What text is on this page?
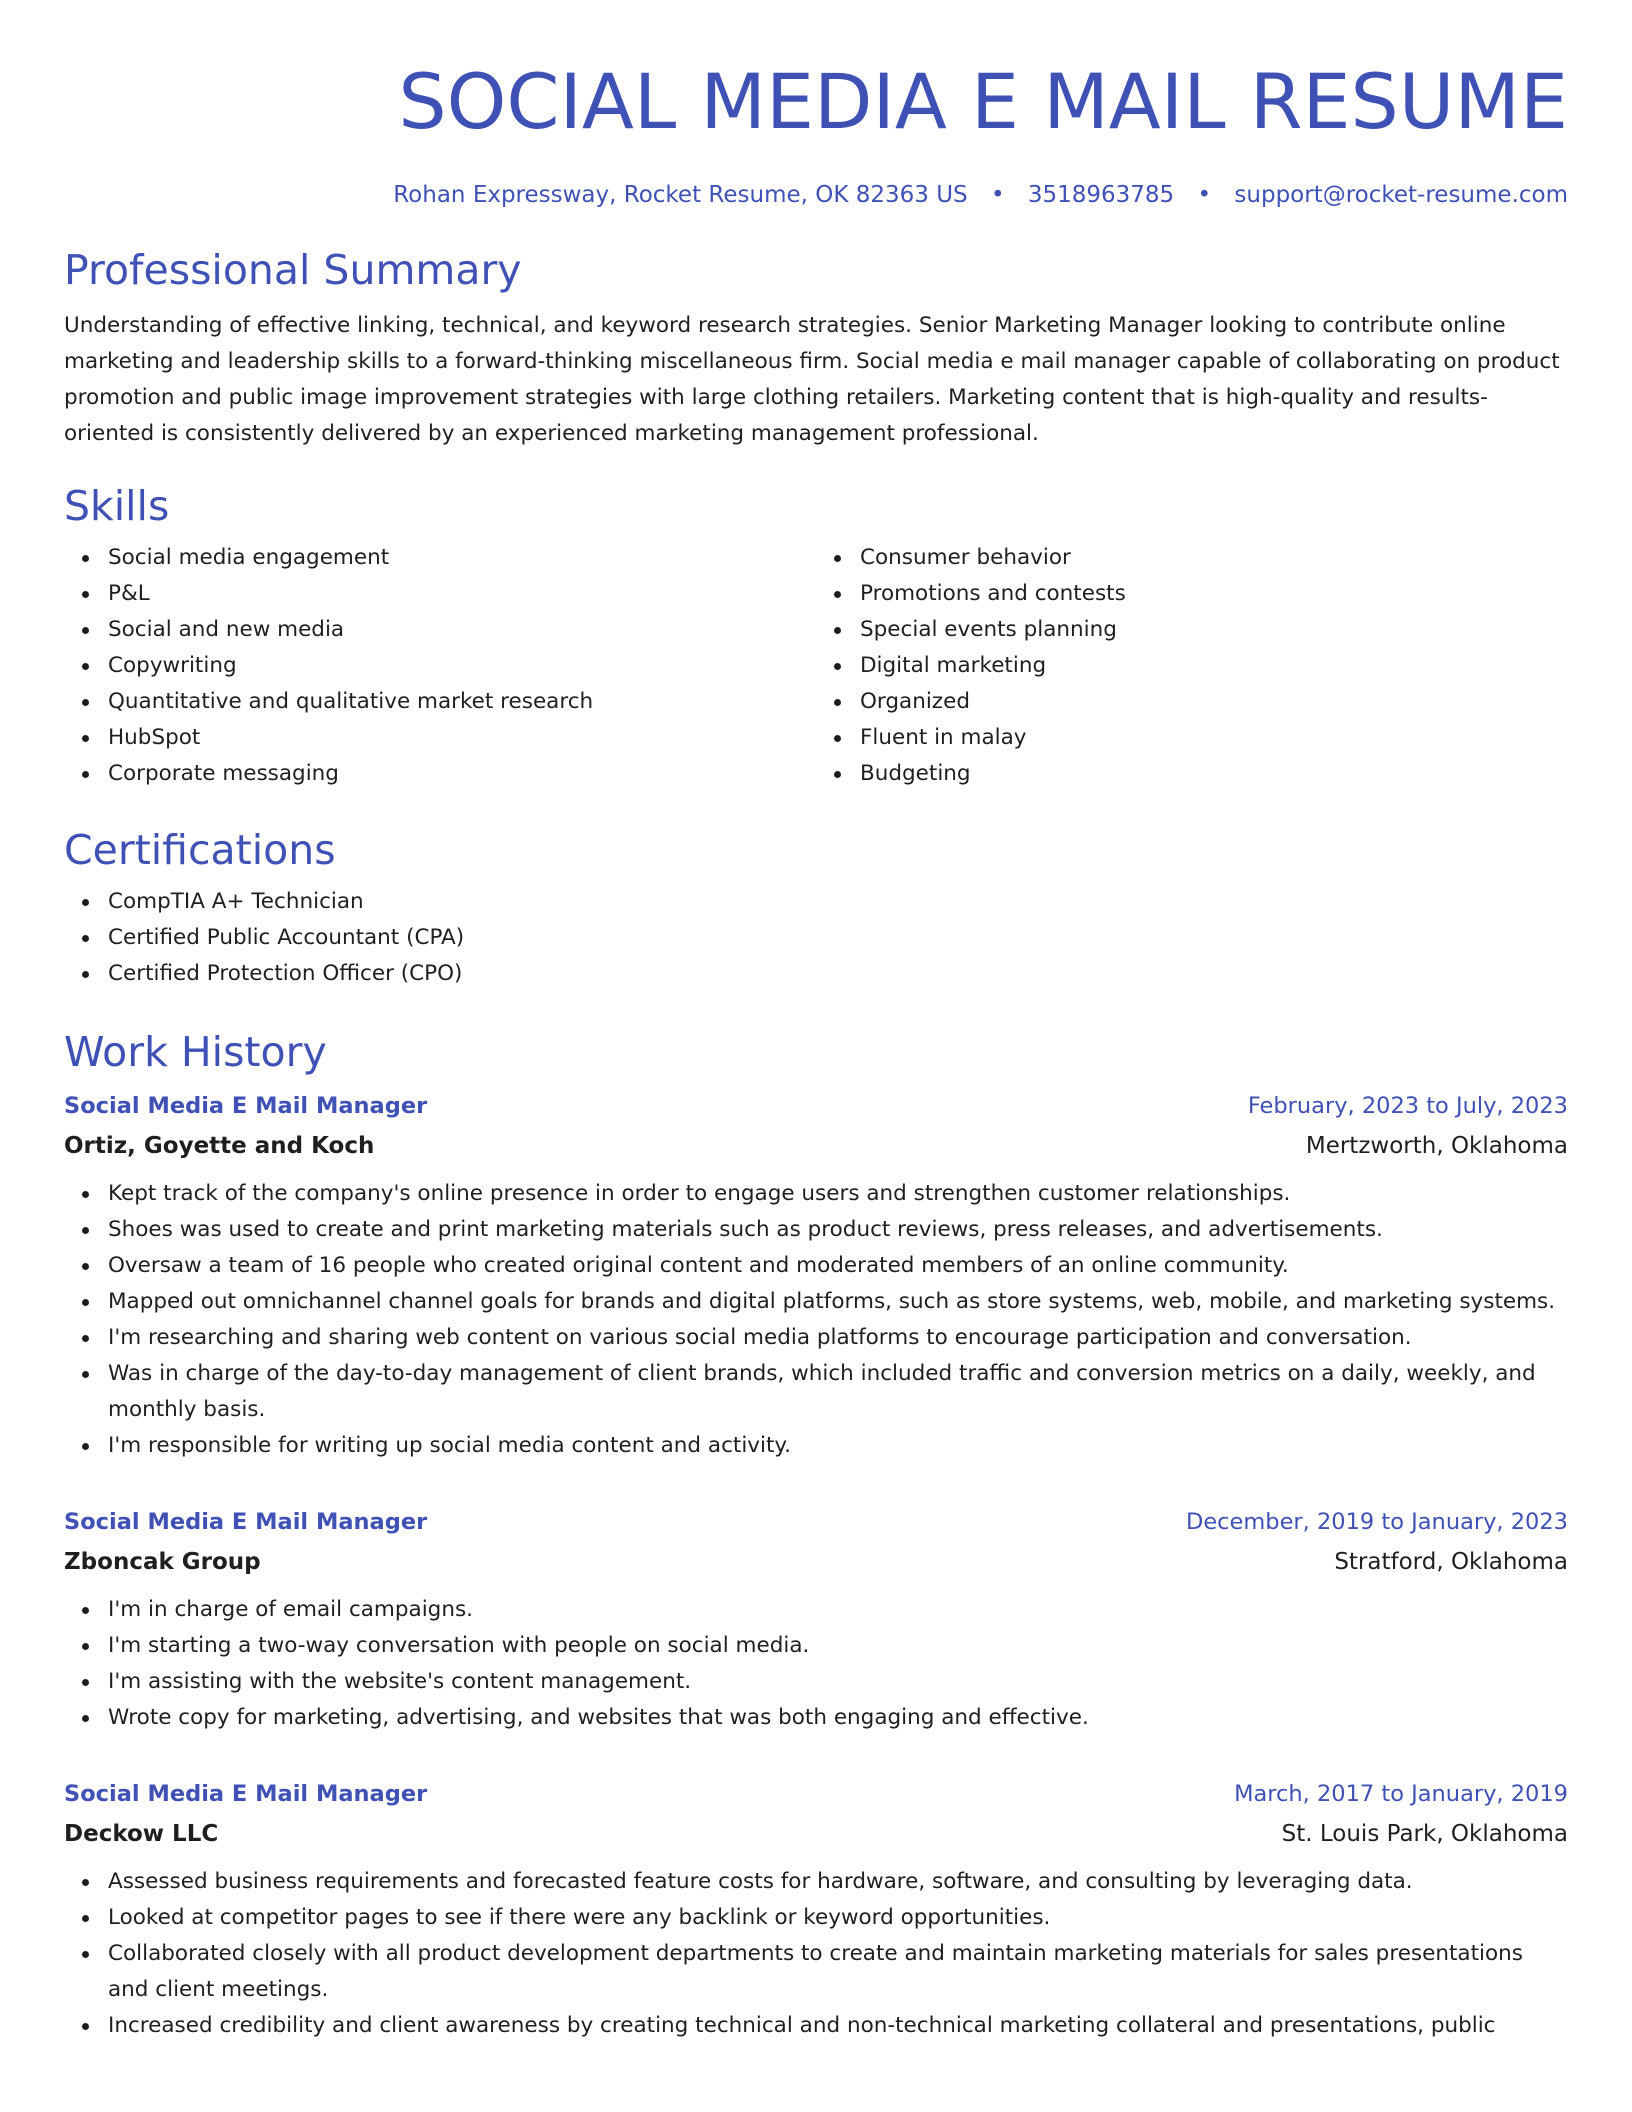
SOCIAL MEDIA E MAIL RESUME
Rohan Expressway, Rocket Resume, OK 82363 US • 3518963785 • support@rocket-resume.com
Professional Summary

Understanding of effective linking, technical, and keyword research strategies. Senior Marketing Manager looking to contribute online marketing and leadership skills to a forward-thinking miscellaneous firm. Social media e mail manager capable of collaborating on product promotion and public image improvement strategies with large clothing retailers. Marketing content that is high-quality and results-oriented is consistently delivered by an experienced marketing management professional.

Skills
Social media engagement
P&L
Social and new media
Copywriting
Quantitative and qualitative market research
HubSpot
Corporate messaging
Consumer behavior
Promotions and contests
Special events planning
Digital marketing
Organized
Fluent in malay
Budgeting
Certifications
CompTIA A+ Technician
Certified Public Accountant (CPA)
Certified Protection Officer (CPO)
Work History
Social Media E Mail Manager	February, 2023 to July, 2023
Ortiz, Goyette and Koch	Mertzworth, Oklahoma
Kept track of the company's online presence in order to engage users and strengthen customer relationships.
Shoes was used to create and print marketing materials such as product reviews, press releases, and advertisements.
Oversaw a team of 16 people who created original content and moderated members of an online community.
Mapped out omnichannel channel goals for brands and digital platforms, such as store systems, web, mobile, and marketing systems.
I'm researching and sharing web content on various social media platforms to encourage participation and conversation.
Was in charge of the day-to-day management of client brands, which included traffic and conversion metrics on a daily, weekly, and monthly basis.
I'm responsible for writing up social media content and activity.
Social Media E Mail Manager	December, 2019 to January, 2023
Zboncak Group	Stratford, Oklahoma
I'm in charge of email campaigns.
I'm starting a two-way conversation with people on social media.
I'm assisting with the website's content management.
Wrote copy for marketing, advertising, and websites that was both engaging and effective.
Social Media E Mail Manager	March, 2017 to January, 2019
Deckow LLC	St. Louis Park, Oklahoma
Assessed business requirements and forecasted feature costs for hardware, software, and consulting by leveraging data.
Looked at competitor pages to see if there were any backlink or keyword opportunities.
Collaborated closely with all product development departments to create and maintain marketing materials for sales presentations and client meetings.
Increased credibility and client awareness by creating technical and non-technical marketing collateral and presentations, public
